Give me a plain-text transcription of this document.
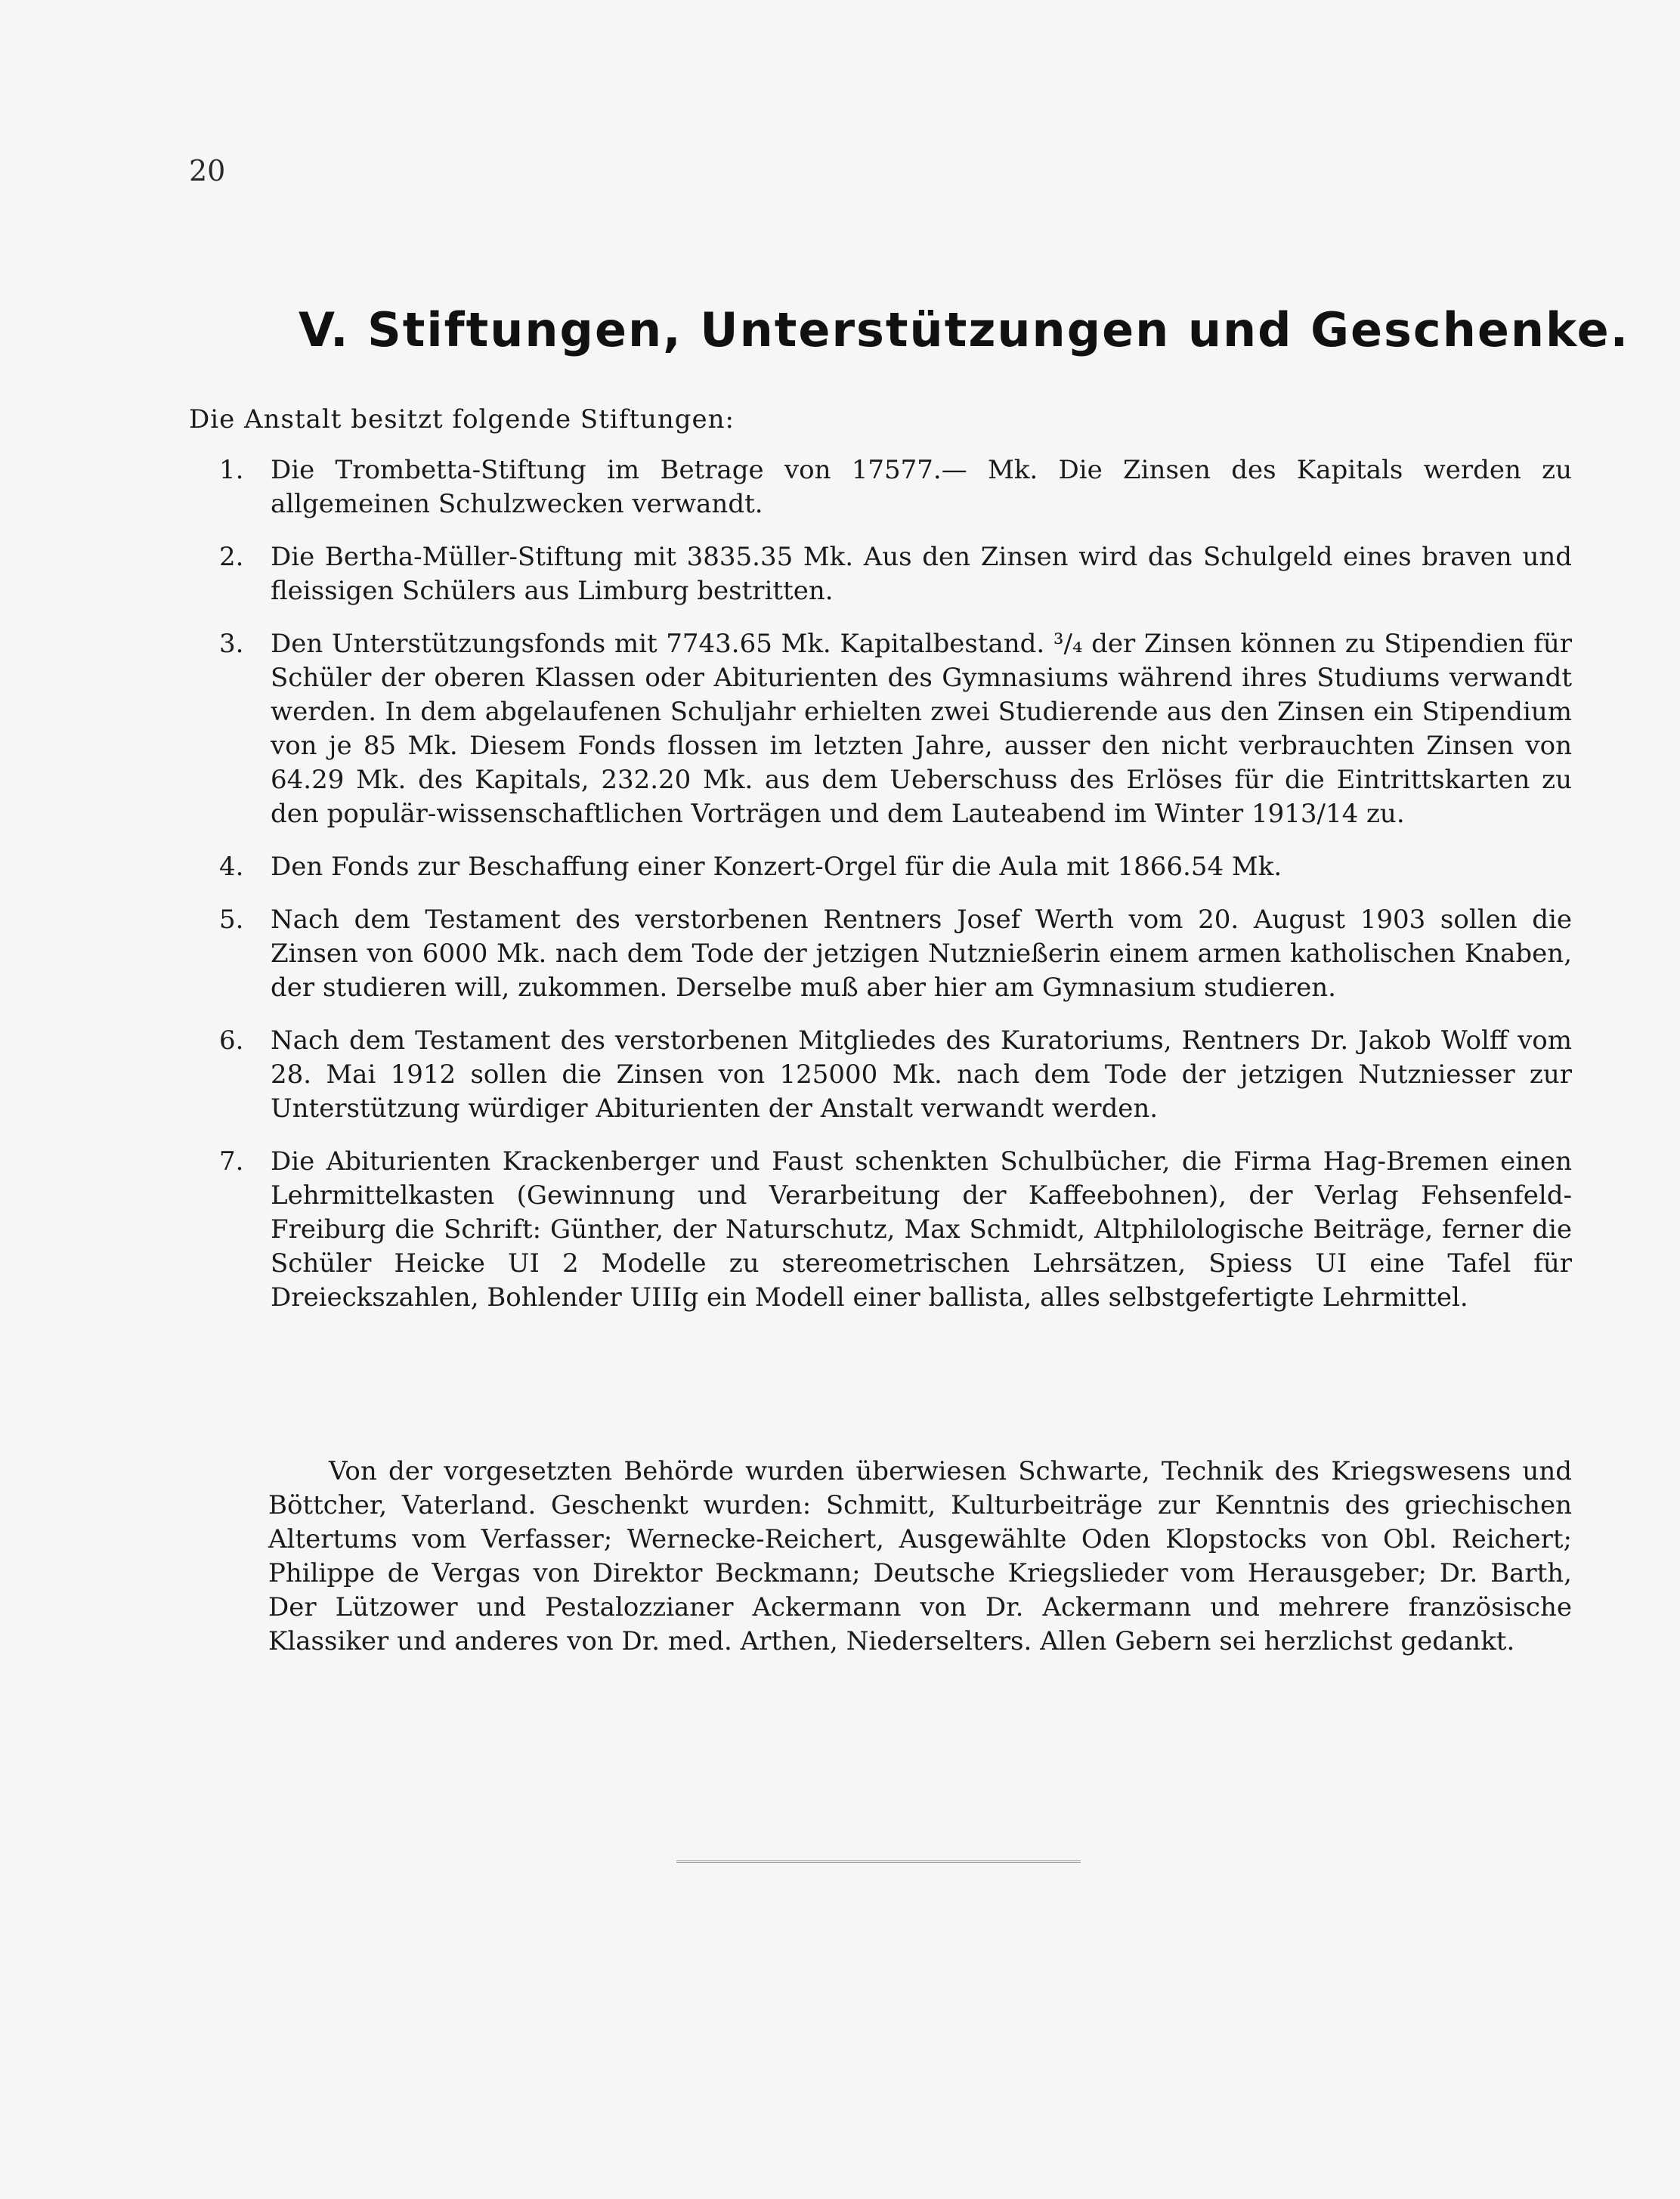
20
V. Stiftungen, Unterstützungen und Geschenke.
Die Anstalt besitzt folgende Stiftungen:
1.	Die Trombetta-Stiftung im Betrage von 17577.— Mk. Die Zinsen des Kapitals werden zu allgemeinen Schulzwecken verwandt.
2.	Die Bertha-Müller-Stiftung mit 3835.35 Mk. Aus den Zinsen wird das Schulgeld eines braven und fleissigen Schülers aus Limburg bestritten.
3.	Den Unterstützungsfonds mit 7743.65 Mk. Kapitalbestand. ³/₄ der Zinsen können zu Stipendien für Schüler der oberen Klassen oder Abiturienten des Gymnasiums während ihres Studiums verwandt werden. In dem abgelaufenen Schuljahr erhielten zwei Studierende aus den Zinsen ein Stipendium von je 85 Mk. Diesem Fonds flossen im letzten Jahre, ausser den nicht verbrauchten Zinsen von 64.29 Mk. des Kapitals, 232.20 Mk. aus dem Ueberschuss des Erlöses für die Eintrittskarten zu den populär-wissenschaftlichen Vorträgen und dem Lauteabend im Winter 1913/14 zu.
4.	Den Fonds zur Beschaffung einer Konzert-Orgel für die Aula mit 1866.54 Mk.
5.	Nach dem Testament des verstorbenen Rentners Josef Werth vom 20. August 1903 sollen die Zinsen von 6000 Mk. nach dem Tode der jetzigen Nutznießerin einem armen katholischen Knaben, der studieren will, zukommen. Derselbe muß aber hier am Gymnasium studieren.
6.	Nach dem Testament des verstorbenen Mitgliedes des Kuratoriums, Rentners Dr. Jakob Wolff vom 28. Mai 1912 sollen die Zinsen von 125000 Mk. nach dem Tode der jetzigen Nutzniesser zur Unterstützung würdiger Abiturienten der Anstalt verwandt werden.
7.	Die Abiturienten Krackenberger und Faust schenkten Schulbücher, die Firma Hag-Bremen einen Lehrmittelkasten (Gewinnung und Verarbeitung der Kaffeebohnen), der Verlag Fehsenfeld-Freiburg die Schrift: Günther, der Naturschutz, Max Schmidt, Altphilologische Beiträge, ferner die Schüler Heicke UI 2 Modelle zu stereometrischen Lehrsätzen, Spiess UI eine Tafel für Dreieckszahlen, Bohlender UIIIg ein Modell einer ballista, alles selbstgefertigte Lehrmittel.

Von der vorgesetzten Behörde wurden überwiesen Schwarte, Technik des Kriegswesens und Böttcher, Vaterland. Geschenkt wurden: Schmitt, Kulturbeiträge zur Kenntnis des griechischen Altertums vom Verfasser; Wernecke-Reichert, Ausgewählte Oden Klopstocks von Obl. Reichert; Philippe de Vergas von Direktor Beckmann; Deutsche Kriegslieder vom Herausgeber; Dr. Barth, Der Lützower und Pestalozzianer Ackermann von Dr. Ackermann und mehrere französische Klassiker und anderes von Dr. med. Arthen, Niederselters. Allen Gebern sei herzlichst gedankt.
